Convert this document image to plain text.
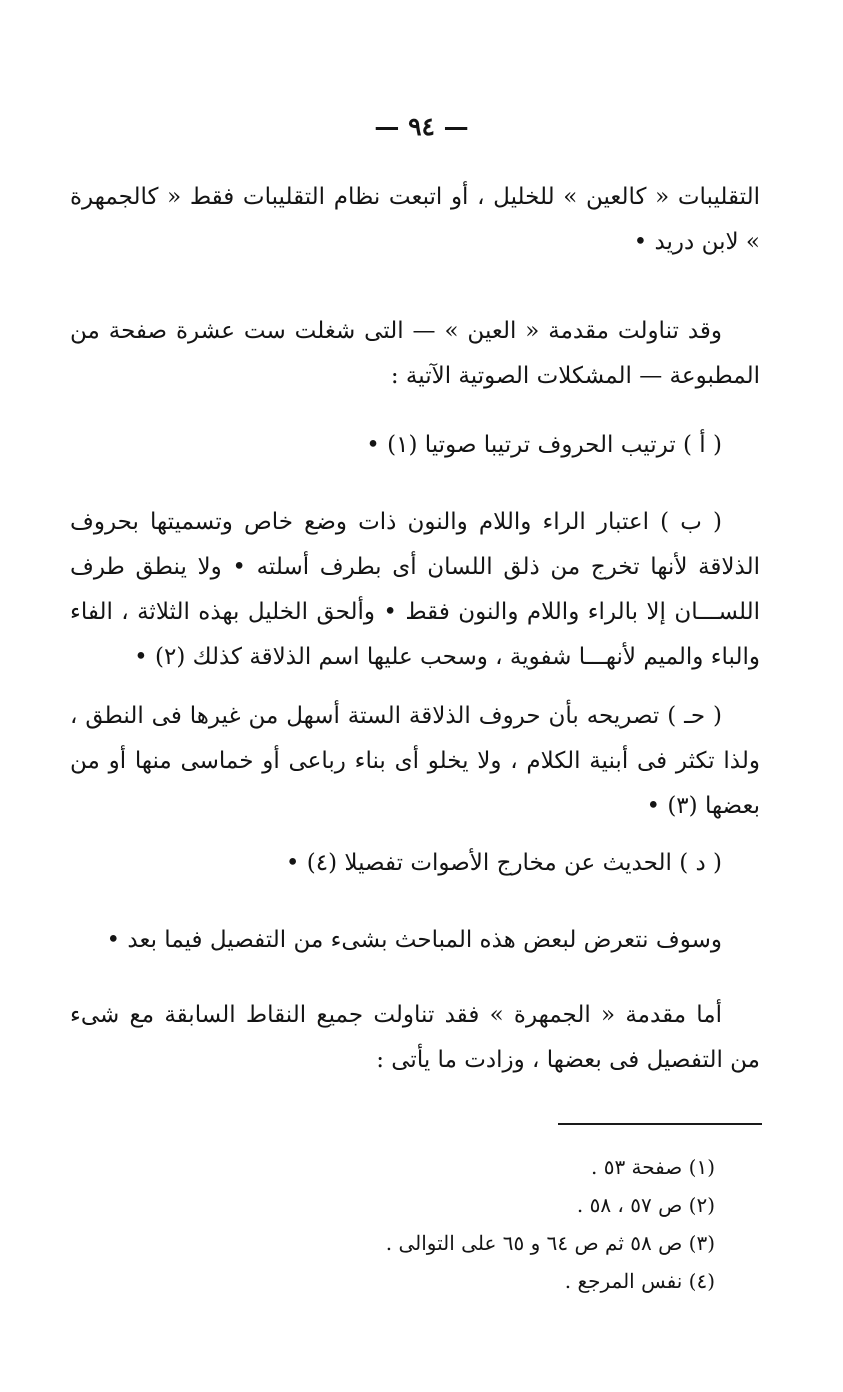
— ٩٤ —

التقليبات « كالعين » للخليل ، أو اتبعت نظام التقليبات فقط « كالجمهرة » لابن دريد •

وقد تناولت مقدمة « العين » — التى شغلت ست عشرة صفحة من المطبوعة — المشكلات الصوتية الآتية :

( أ ) ترتيب الحروف ترتيبا صوتيا (١) •

( ب ) اعتبار الراء واللام والنون ذات وضع خاص وتسميتها بحروف الذلاقة لأنها تخرج من ذلق اللسان أى بطرف أسلته • ولا ينطق طرف اللســـان إلا بالراء واللام والنون فقط • وألحق الخليل بهذه الثلاثة ، الفاء والباء والميم لأنهـــا شفوية ، وسحب عليها اسم الذلاقة كذلك (٢) •

( حـ ) تصريحه بأن حروف الذلاقة الستة أسهل من غيرها فى النطق ، ولذا تكثر فى أبنية الكلام ، ولا يخلو أى بناء رباعى أو خماسى منها أو من بعضها (٣) •

( د ) الحديث عن مخارج الأصوات تفصيلا (٤) •

وسوف نتعرض لبعض هذه المباحث بشىء من التفصيل فيما بعد •

أما مقدمة « الجمهرة » فقد تناولت جميع النقاط السابقة مع شىء من التفصيل فى بعضها ، وزادت ما يأتى :

(١) صفحة ٥٣ .
(٢) ص ٥٧ ، ٥٨ .
(٣) ص ٥٨ ثم ص ٦٤ و ٦٥ على التوالى .
(٤) نفس المرجع .
